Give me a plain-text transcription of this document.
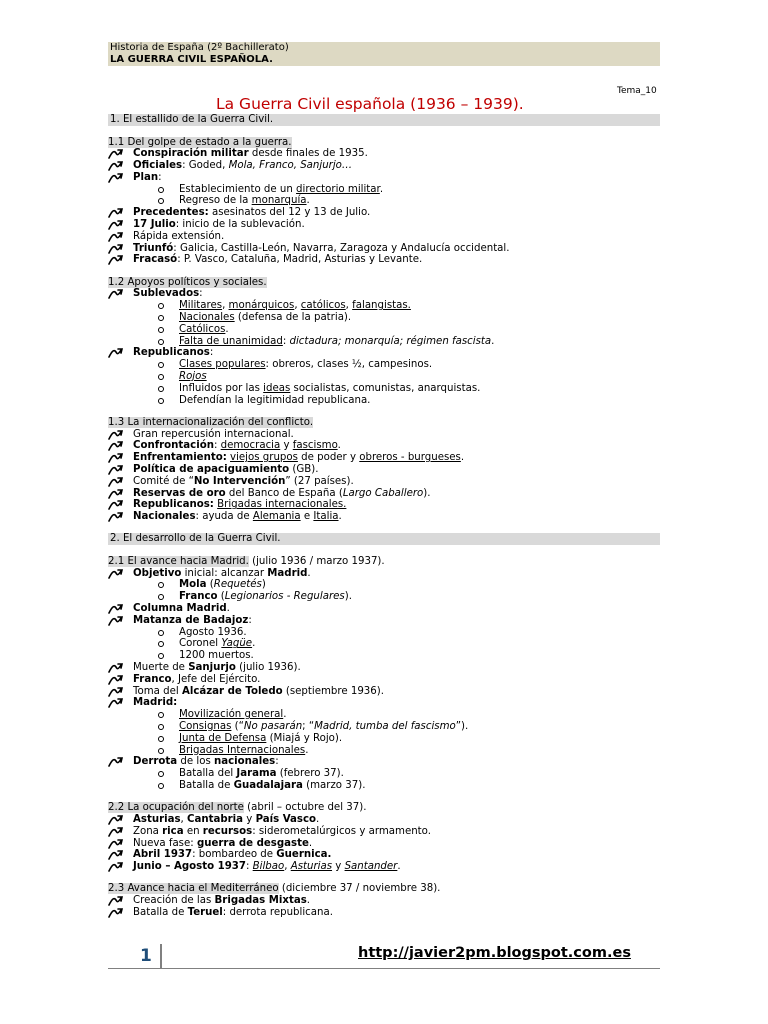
Historia de España (2º Bachillerato)
LA GUERRA CIVIL ESPAÑOLA.
Tema_10
La Guerra Civil española (1936 – 1939).
1. El estallido de la Guerra Civil.
1.1 Del golpe de estado a la guerra.
Conspiración militar desde finales de 1935.
Oficiales: Goded, Mola, Franco, Sanjurjo…
Plan:
Establecimiento de un directorio militar.
Regreso de la monarquía.
Precedentes: asesinatos del 12 y 13 de Julio.
17 Julio: inicio de la sublevación.
Rápida extensión.
Triunfó: Galicia, Castilla-León, Navarra, Zaragoza y Andalucía occidental.
Fracasó: P. Vasco, Cataluña, Madrid, Asturias y Levante.
1.2 Apoyos políticos y sociales.
Sublevados:
Militares, monárquicos, católicos, falangistas.
Nacionales (defensa de la patria).
Católicos.
Falta de unanimidad: dictadura; monarquía; régimen fascista.
Republicanos:
Clases populares: obreros, clases ½, campesinos.
Rojos
Influidos por las ideas socialistas, comunistas, anarquistas.
Defendían la legitimidad republicana.
1.3 La internacionalización del conflicto.
Gran repercusión internacional.
Confrontación: democracia y fascismo.
Enfrentamiento: viejos grupos de poder y obreros - burgueses.
Política de apaciguamiento (GB).
Comité de “No Intervención” (27 países).
Reservas de oro del Banco de España (Largo Caballero).
Republicanos: Brigadas internacionales.
Nacionales: ayuda de Alemania e Italia.
2. El desarrollo de la Guerra Civil.
2.1 El avance hacia Madrid. (julio 1936 / marzo 1937).
Objetivo inicial: alcanzar Madrid.
Mola (Requetés)
Franco (Legionarios - Regulares).
Columna Madrid.
Matanza de Badajoz:
Agosto 1936.
Coronel Yagüe.
1200 muertos.
Muerte de Sanjurjo (julio 1936).
Franco, Jefe del Ejército.
Toma del Alcázar de Toledo (septiembre 1936).
Madrid:
Movilización general.
Consignas (“No pasarán; “Madrid, tumba del fascismo”).
Junta de Defensa (Miajá y Rojo).
Brigadas Internacionales.
Derrota de los nacionales:
Batalla del Jarama (febrero 37).
Batalla de Guadalajara (marzo 37).
2.2 La ocupación del norte (abril – octubre del 37).
Asturias, Cantabria y País Vasco.
Zona rica en recursos: siderometalúrgicos y armamento.
Nueva fase: guerra de desgaste.
Abril 1937: bombardeo de Guernica.
Junio – Agosto 1937: Bilbao, Asturias y Santander.
2.3 Avance hacia el Mediterráneo (diciembre 37 / noviembre 38).
Creación de las Brigadas Mixtas.
Batalla de Teruel: derrota republicana.
1	http://javier2pm.blogspot.com.es
